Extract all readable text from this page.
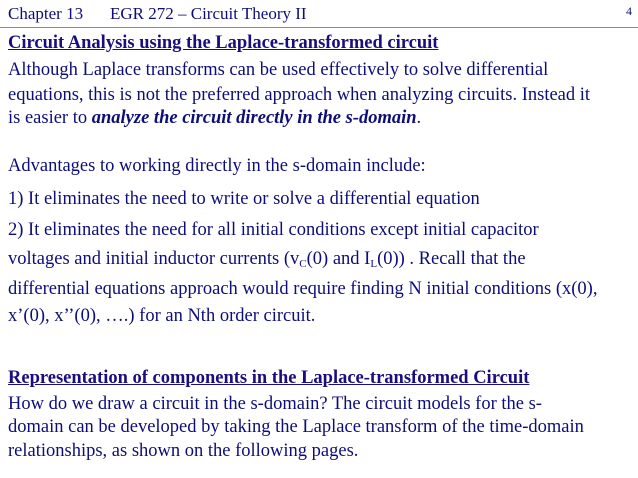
Chapter 13 EGR 272 – Circuit Theory II	4
Circuit Analysis using the Laplace-transformed circuit
Although Laplace transforms can be used effectively to solve differential
equations, this is not the preferred approach when analyzing circuits. Instead it
is easier to analyze the circuit directly in the s-domain.
Advantages to working directly in the s-domain include:
1) It eliminates the need to write or solve a differential equation
2) It eliminates the need for all initial conditions except initial capacitor
voltages and initial inductor currents ($v_C(0)$ and $I_L(0)$) . Recall that the
differential equations approach would require finding N initial conditions (x(0),
x’(0), x’’(0), ….) for an Nth order circuit.
Representation of components in the Laplace-transformed Circuit
How do we draw a circuit in the s-domain? The circuit models for the s-
domain can be developed by taking the Laplace transform of the time-domain
relationships, as shown on the following pages.
